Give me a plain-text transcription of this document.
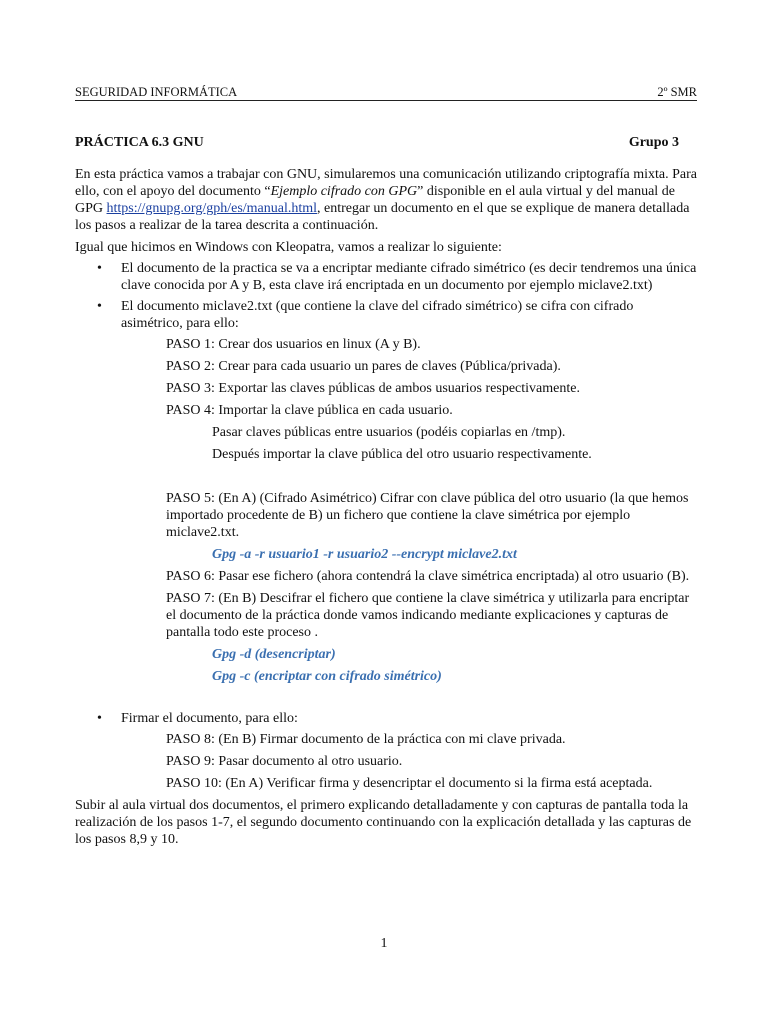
SEGURIDAD INFORMÁTICA	2º SMR
PRÁCTICA 6.3 GNU	Grupo 3

En esta práctica vamos a trabajar con GNU, simularemos una comunicación utilizando criptografía mixta. Para ello, con el apoyo del documento “Ejemplo cifrado con GPG” disponible en el aula virtual y del manual de GPG https://gnupg.org/gph/es/manual.html, entregar un documento en el que se explique de manera detallada los pasos a realizar de la tarea descrita a continuación.

Igual que hicimos en Windows con Kleopatra, vamos a realizar lo siguiente:

• El documento de la practica se va a encriptar mediante cifrado simétrico (es decir tendremos una única clave conocida por A y B, esta clave irá encriptada en un documento por ejemplo miclave2.txt)
• El documento miclave2.txt (que contiene la clave del cifrado simétrico) se cifra con cifrado asimétrico, para ello:

PASO 1: Crear dos usuarios en linux (A y B).

PASO 2: Crear para cada usuario un pares de claves (Pública/privada).

PASO 3: Exportar las claves públicas de ambos usuarios respectivamente.

PASO 4: Importar la clave pública en cada usuario.

Pasar claves públicas entre usuarios (podéis copiarlas en /tmp).

Después importar la clave pública del otro usuario respectivamente.

PASO 5: (En A) (Cifrado Asimétrico) Cifrar con clave pública del otro usuario (la que hemos importado procedente de B) un fichero que contiene la clave simétrica por ejemplo miclave2.txt.

Gpg -a -r usuario1 -r usuario2 --encrypt miclave2.txt

PASO 6: Pasar ese fichero (ahora contendrá la clave simétrica encriptada) al otro usuario (B).

PASO 7: (En B) Descifrar el fichero que contiene la clave simétrica y utilizarla para encriptar el documento de la práctica donde vamos indicando mediante explicaciones y capturas de pantalla todo este proceso .

Gpg -d (desencriptar)

Gpg -c (encriptar con cifrado simétrico)

• Firmar el documento, para ello:

PASO 8: (En B) Firmar documento de la práctica con mi clave privada.

PASO 9: Pasar documento al otro usuario.

PASO 10: (En A) Verificar firma y desencriptar el documento si la firma está aceptada.

Subir al aula virtual dos documentos, el primero explicando detalladamente y con capturas de pantalla toda la realización de los pasos 1-7, el segundo documento continuando con la explicación detallada y las capturas de los pasos 8,9 y 10.

1
